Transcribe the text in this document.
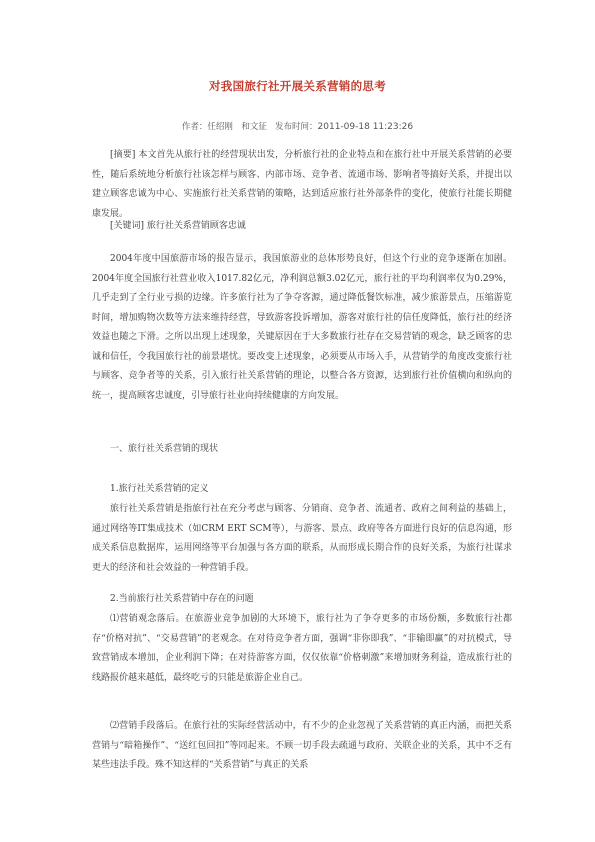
对我国旅行社开展关系营销的思考
作者：任绍刚　和文征 发布时间：2011-09-18 11:23:26

[摘要] 本文首先从旅行社的经营现状出发，分析旅行社的企业特点和在旅行社中开展关系营销的必要性，随后系统地分析旅行社该怎样与顾客、内部市场、竞争者、流通市场、影响者等搞好关系，并提出以建立顾客忠诚为中心、实施旅行社关系营销的策略，达到适应旅行社外部条件的变化，使旅行社能长期健康发展。

[关键词] 旅行社关系营销顾客忠诚

2004年度中国旅游市场的报告显示，我国旅游业的总体形势良好，但这个行业的竞争逐渐在加剧。2004年度全国旅行社营业收入1017.82亿元，净利润总额3.02亿元，旅行社的平均利润率仅为0.29%，几乎走到了全行业亏损的边缘。许多旅行社为了争夺客源，通过降低餐饮标准，减少旅游景点，压缩游览时间，增加购物次数等方法来维持经营，导致游客投诉增加，游客对旅行社的信任度降低，旅行社的经济效益也随之下滑。之所以出现上述现象，关键原因在于大多数旅行社存在交易营销的观念，缺乏顾客的忠诚和信任，令我国旅行社的前景堪忧。要改变上述现象，必须要从市场入手，从营销学的角度改变旅行社与顾客、竞争者等的关系，引入旅行社关系营销的理论，以整合各方资源，达到旅行社价值横向和纵向的统一，提高顾客忠诚度，引导旅行社业向持续健康的方向发展。

一、旅行社关系营销的现状

1.旅行社关系营销的定义

旅行社关系营销是指旅行社在充分考虑与顾客、分销商、竞争者、流通者、政府之间利益的基础上，通过网络等IT集成技术（如CRM ERT SCM等），与游客、景点、政府等各方面进行良好的信息沟通，形成关系信息数据库，运用网络等平台加强与各方面的联系，从而形成长期合作的良好关系，为旅行社谋求更大的经济和社会效益的一种营销手段。

2.当前旅行社关系营销中存在的问题

⑴营销观念落后。在旅游业竞争加剧的大环境下，旅行社为了争夺更多的市场份额，多数旅行社都存“价格对抗”、“交易营销”的老观念。在对待竞争者方面，强调“非你即我”、“非输即赢”的对抗模式，导致营销成本增加，企业利润下降；在对待游客方面，仅仅依靠“价格刺激”来增加财务利益，造成旅行社的线路报价越来越低，最终吃亏的只能是旅游企业自己。

⑵营销手段落后。在旅行社的实际经营活动中，有不少的企业忽视了关系营销的真正内涵，而把关系营销与“暗箱操作”、“送红包回扣”等同起来。不顾一切手段去疏通与政府、关联企业的关系，其中不乏有某些违法手段。殊不知这样的“关系营销”与真正的关系
